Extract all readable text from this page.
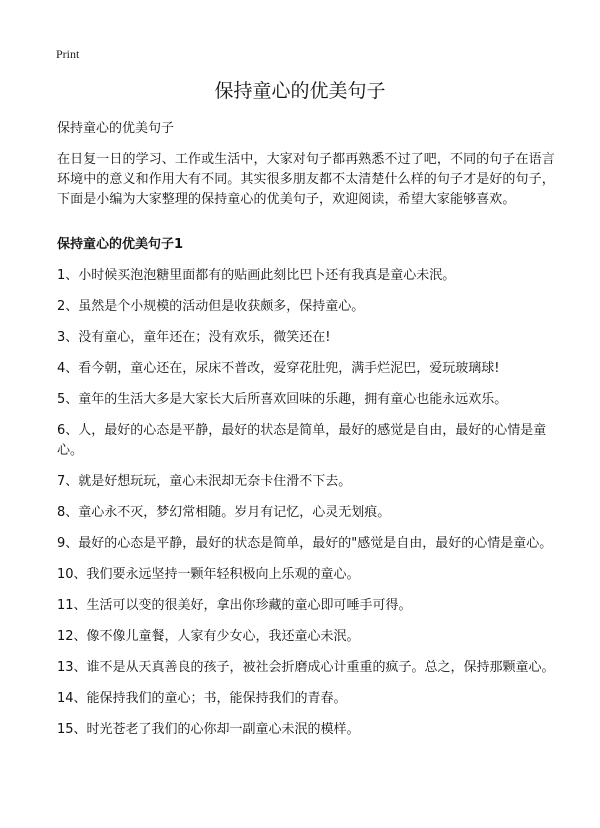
Print
保持童心的优美句子

保持童心的优美句子

在日复一日的学习、工作或生活中，大家对句子都再熟悉不过了吧，不同的句子在语言环境中的意义和作用大有不同。其实很多朋友都不太清楚什么样的句子才是好的句子，下面是小编为大家整理的保持童心的优美句子，欢迎阅读，希望大家能够喜欢。

保持童心的优美句子1
1、小时候买泡泡糖里面都有的贴画此刻比巴卜还有我真是童心未泯。
2、虽然是个小规模的活动但是收获颇多，保持童心。
3、没有童心，童年还在；没有欢乐，微笑还在!
4、看今朝，童心还在，尿床不普改，爱穿花肚兜，满手烂泥巴，爱玩玻璃球!
5、童年的生活大多是大家长大后所喜欢回味的乐趣，拥有童心也能永远欢乐。
6、人，最好的心态是平静，最好的状态是简单，最好的感觉是自由，最好的心情是童心。
7、就是好想玩玩，童心未泯却无奈卡住滑不下去。
8、童心永不灭，梦幻常相随。岁月有记忆，心灵无划痕。
9、最好的心态是平静，最好的状态是简单，最好的"感觉是自由，最好的心情是童心。
10、我们要永远坚持一颗年轻积极向上乐观的童心。
11、生活可以变的很美好，拿出你珍藏的童心即可唾手可得。
12、像不像儿童餐，人家有少女心，我还童心未泯。
13、谁不是从天真善良的孩子，被社会折磨成心计重重的疯子。总之，保持那颗童心。
14、能保持我们的童心；书，能保持我们的青春。
15、时光苍老了我们的心你却一副童心未泯的模样。
